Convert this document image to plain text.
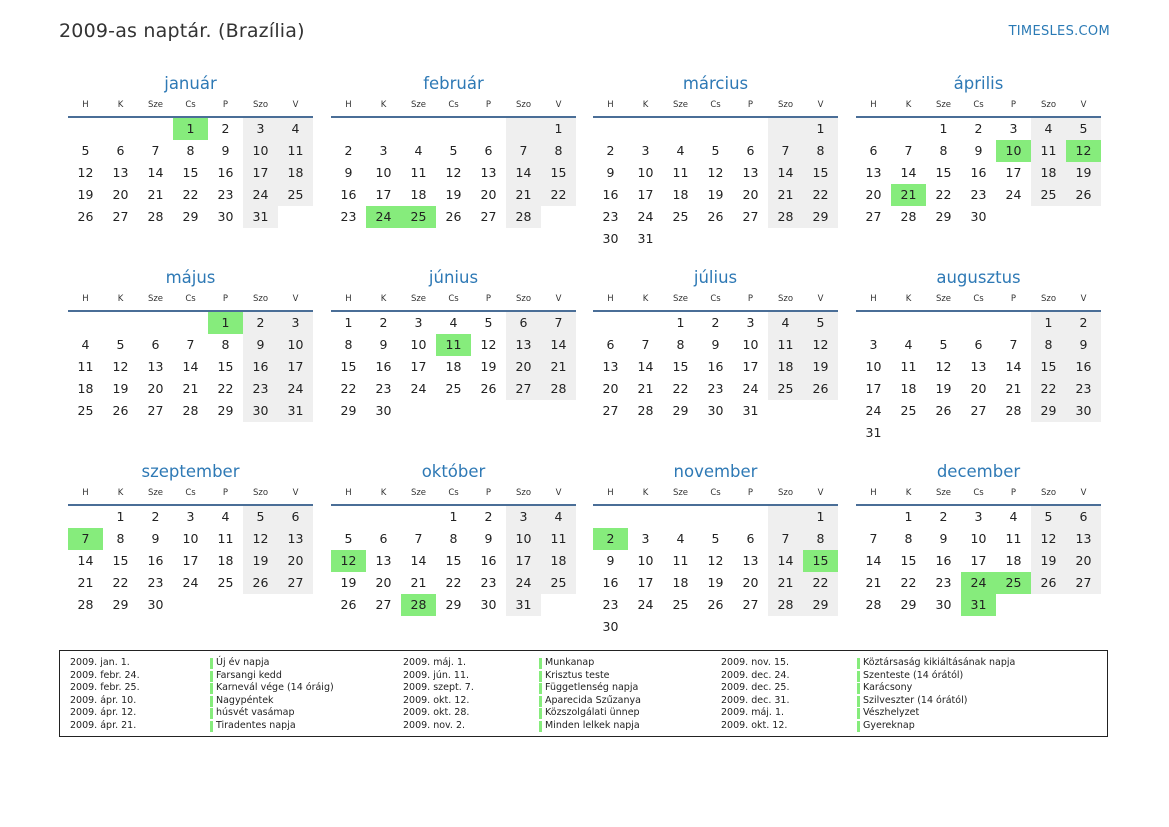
2009-as naptár. (Brazília)	TIMESLES.COM
január
H	K	Sze	Cs	P	Szo	V
			1	2	3	4
5	6	7	8	9	10	11
12	13	14	15	16	17	18
19	20	21	22	23	24	25
26	27	28	29	30	31	
február
H	K	Sze	Cs	P	Szo	V
						1
2	3	4	5	6	7	8
9	10	11	12	13	14	15
16	17	18	19	20	21	22
23	24	25	26	27	28	
március
H	K	Sze	Cs	P	Szo	V
						1
2	3	4	5	6	7	8
9	10	11	12	13	14	15
16	17	18	19	20	21	22
23	24	25	26	27	28	29
30	31					
április
H	K	Sze	Cs	P	Szo	V
		1	2	3	4	5
6	7	8	9	10	11	12
13	14	15	16	17	18	19
20	21	22	23	24	25	26
27	28	29	30			
május
H	K	Sze	Cs	P	Szo	V
				1	2	3
4	5	6	7	8	9	10
11	12	13	14	15	16	17
18	19	20	21	22	23	24
25	26	27	28	29	30	31
június
H	K	Sze	Cs	P	Szo	V
1	2	3	4	5	6	7
8	9	10	11	12	13	14
15	16	17	18	19	20	21
22	23	24	25	26	27	28
29	30					
július
H	K	Sze	Cs	P	Szo	V
		1	2	3	4	5
6	7	8	9	10	11	12
13	14	15	16	17	18	19
20	21	22	23	24	25	26
27	28	29	30	31		
augusztus
H	K	Sze	Cs	P	Szo	V
					1	2
3	4	5	6	7	8	9
10	11	12	13	14	15	16
17	18	19	20	21	22	23
24	25	26	27	28	29	30
31						
szeptember
H	K	Sze	Cs	P	Szo	V
	1	2	3	4	5	6
7	8	9	10	11	12	13
14	15	16	17	18	19	20
21	22	23	24	25	26	27
28	29	30				
október
H	K	Sze	Cs	P	Szo	V
			1	2	3	4
5	6	7	8	9	10	11
12	13	14	15	16	17	18
19	20	21	22	23	24	25
26	27	28	29	30	31	
november
H	K	Sze	Cs	P	Szo	V
						1
2	3	4	5	6	7	8
9	10	11	12	13	14	15
16	17	18	19	20	21	22
23	24	25	26	27	28	29
30						
december
H	K	Sze	Cs	P	Szo	V
	1	2	3	4	5	6
7	8	9	10	11	12	13
14	15	16	17	18	19	20
21	22	23	24	25	26	27
28	29	30	31			
2009. jan. 1.	Új év napja
2009. febr. 24.	Farsangi kedd
2009. febr. 25.	Karnevál vége (14 óráig)
2009. ápr. 10.	Nagypéntek
2009. ápr. 12.	húsvét vasámap
2009. ápr. 21.	Tiradentes napja
2009. máj. 1.	Munkanap
2009. jún. 11.	Krisztus teste
2009. szept. 7.	Függetlenség napja
2009. okt. 12.	Aparecida Szűzanya
2009. okt. 28.	Közszolgálati ünnep
2009. nov. 2.	Minden lelkek napja
2009. nov. 15.	Köztársaság kikiáltásának napja
2009. dec. 24.	Szenteste (14 órától)
2009. dec. 25.	Karácsony
2009. dec. 31.	Szilveszter (14 órától)
2009. máj. 1.	Vészhelyzet
2009. okt. 12.	Gyereknap
